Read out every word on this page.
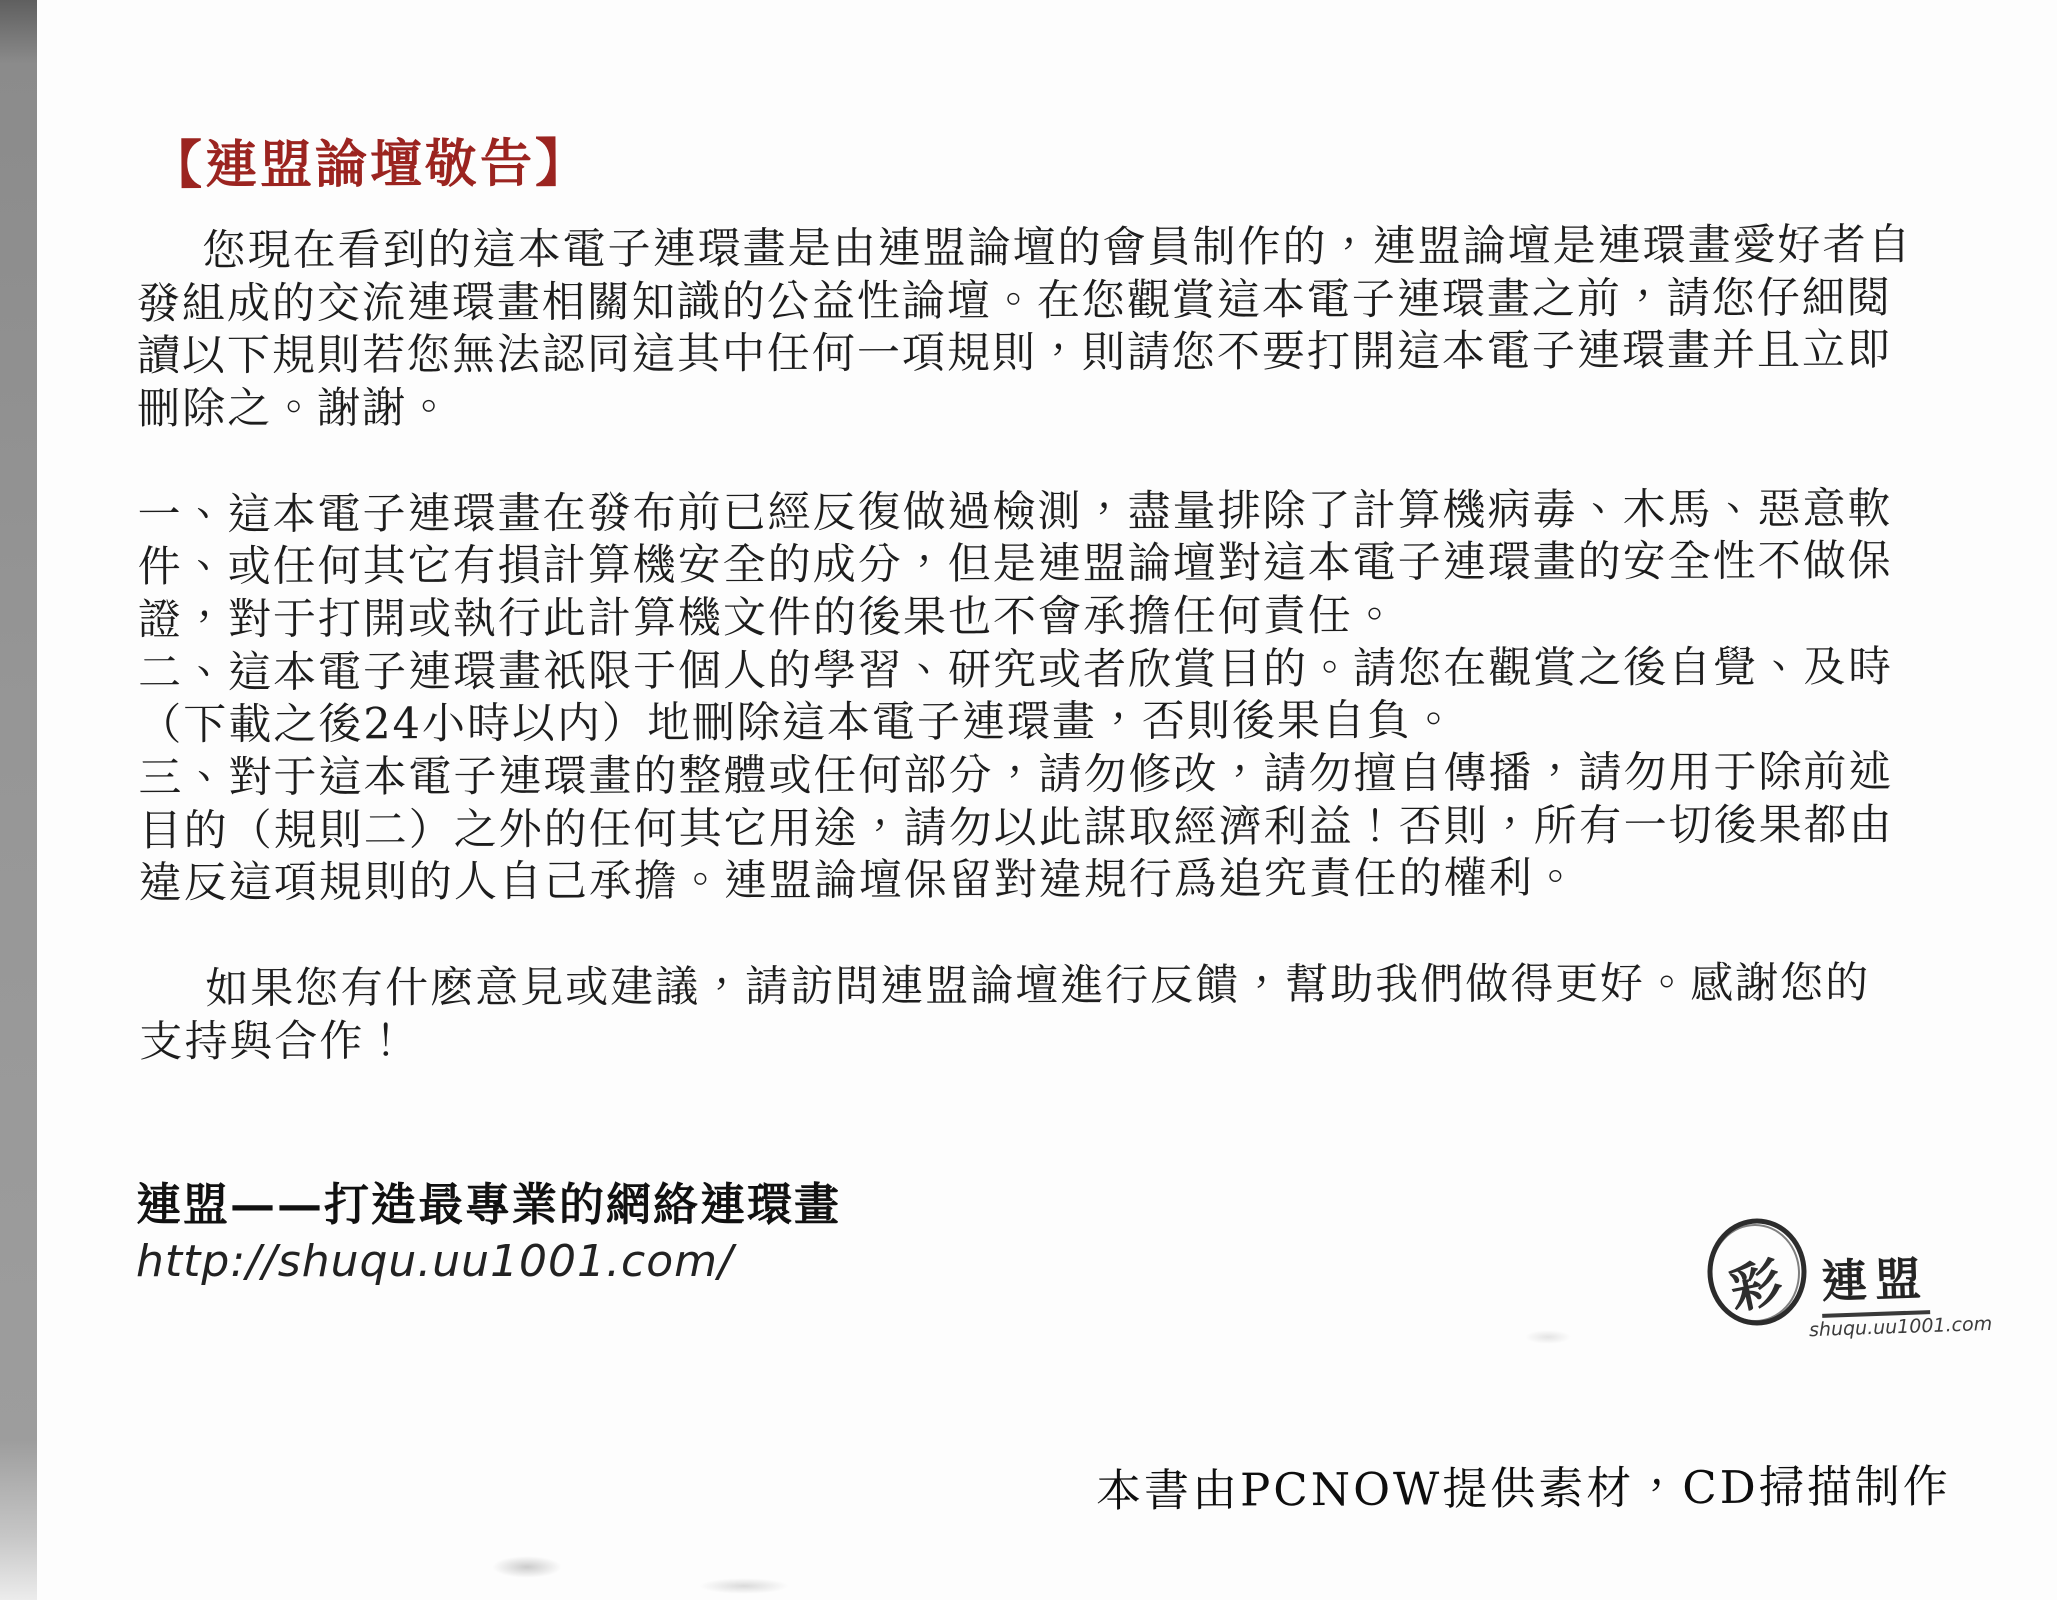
【連盟論壇敬告】
您現在看到的這本電子連環畫是由連盟論壇的會員制作的，連盟論壇是連環畫愛好者自
發組成的交流連環畫相關知識的公益性論壇。在您觀賞這本電子連環畫之前，請您仔細閱
讀以下規則若您無法認同這其中任何一項規則，則請您不要打開這本電子連環畫并且立即
刪除之。謝謝。
一、這本電子連環畫在發布前已經反復做過檢測，盡量排除了計算機病毒、木馬、惡意軟
件、或任何其它有損計算機安全的成分，但是連盟論壇對這本電子連環畫的安全性不做保
證，對于打開或執行此計算機文件的後果也不會承擔任何責任。
二、這本電子連環畫祇限于個人的學習、研究或者欣賞目的。請您在觀賞之後自覺、及時
（下載之後24小時以内）地刪除這本電子連環畫，否則後果自負。
三、對于這本電子連環畫的整體或任何部分，請勿修改，請勿擅自傳播，請勿用于除前述
目的（規則二）之外的任何其它用途，請勿以此謀取經濟利益！否則，所有一切後果都由
違反這項規則的人自己承擔。連盟論壇保留對違規行爲追究責任的權利。
如果您有什麽意見或建議，請訪問連盟論壇進行反饋，幫助我們做得更好。感謝您的
支持與合作！
連盟——打造最專業的網絡連環畫
http://shuqu.uu1001.com/	彩 連盟
shuqu.uu1001.com
本書由PCNOW提供素材，CD掃描制作
